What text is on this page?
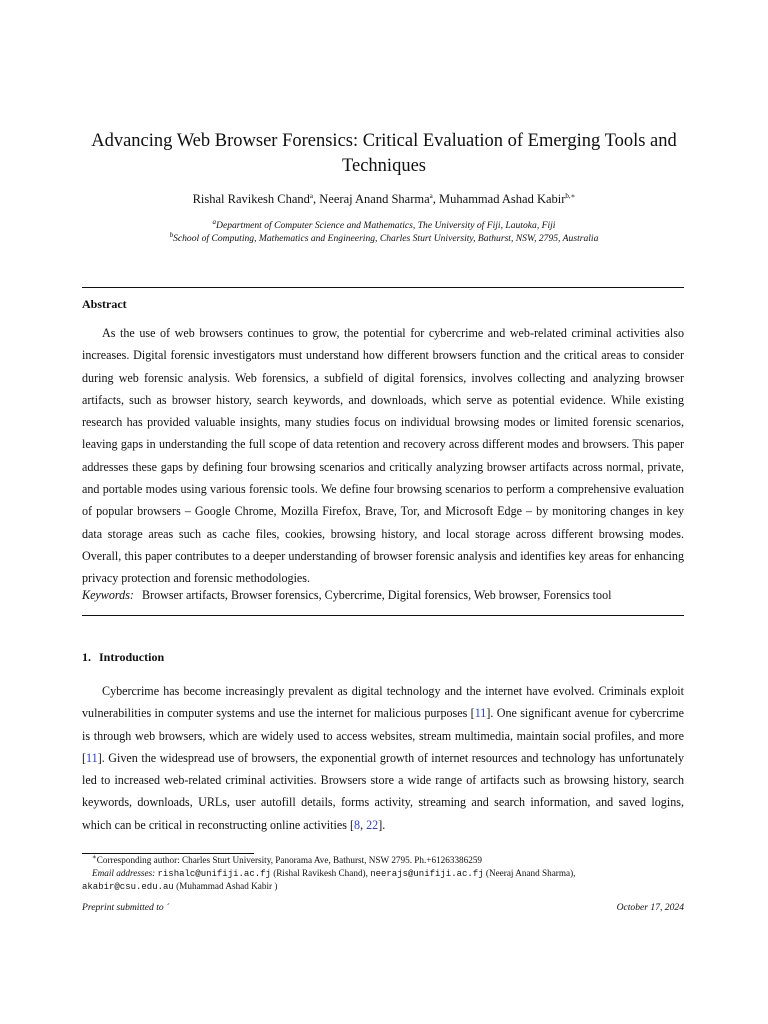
Advancing Web Browser Forensics: Critical Evaluation of Emerging Tools and Techniques
Rishal Ravikesh Chand$^a$, Neeraj Anand Sharma$^a$, Muhammad Ashad Kabir$^{b,∗}$
$^a$Department of Computer Science and Mathematics, The University of Fiji, Lautoka, Fiji
$^b$School of Computing, Mathematics and Engineering, Charles Sturt University, Bathurst, NSW, 2795, Australia
Abstract

As the use of web browsers continues to grow, the potential for cybercrime and web-related criminal activities also increases. Digital forensic investigators must understand how different browsers function and the critical areas to consider during web forensic analysis. Web forensics, a subfield of digital forensics, involves collecting and analyzing browser artifacts, such as browser history, search keywords, and downloads, which serve as potential evidence. While existing research has provided valuable insights, many studies focus on individual browsing modes or limited forensic scenarios, leaving gaps in understanding the full scope of data retention and recovery across different modes and browsers. This paper addresses these gaps by defining four browsing scenarios and critically analyzing browser artifacts across normal, private, and portable modes using various forensic tools. We define four browsing scenarios to perform a comprehensive evaluation of popular browsers – Google Chrome, Mozilla Firefox, Brave, Tor, and Microsoft Edge – by monitoring changes in key data storage areas such as cache files, cookies, browsing history, and local storage across different browsing modes. Overall, this paper contributes to a deeper understanding of browser forensic analysis and identifies key areas for enhancing privacy protection and forensic methodologies.

Keywords: Browser artifacts, Browser forensics, Cybercrime, Digital forensics, Web browser, Forensics tool
1. Introduction

Cybercrime has become increasingly prevalent as digital technology and the internet have evolved. Criminals exploit vulnerabilities in computer systems and use the internet for malicious purposes [11]. One significant avenue for cybercrime is through web browsers, which are widely used to access websites, stream multimedia, maintain social profiles, and more [11]. Given the widespread use of browsers, the exponential growth of internet resources and technology has unfortunately led to increased web-related criminal activities. Browsers store a wide range of artifacts such as browsing history, search keywords, downloads, URLs, user autofill details, forms activity, streaming and search information, and saved logins, which can be critical in reconstructing online activities [8, 22].

∗Corresponding author: Charles Sturt University, Panorama Ave, Bathurst, NSW 2795. Ph.+61263386259
Email addresses: rishalc@unifiji.ac.fj (Rishal Ravikesh Chand), neerajs@unifiji.ac.fj (Neeraj Anand Sharma),
akabir@csu.edu.au (Muhammad Ashad Kabir )
Preprint submitted to ´	October 17, 2024
